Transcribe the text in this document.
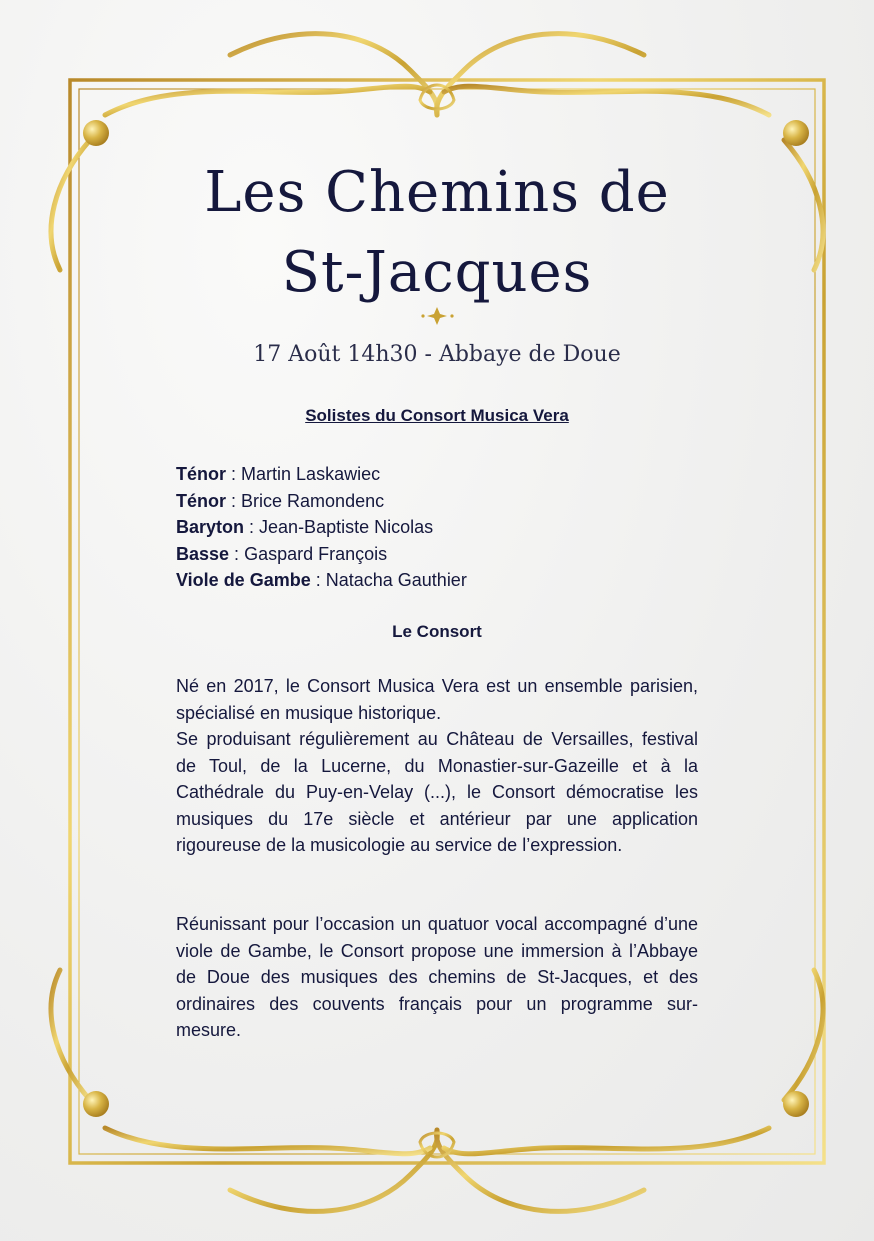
Les Chemins de
St-Jacques
17 Août 14h30 - Abbaye de Doue
Solistes du Consort Musica Vera
Ténor : Martin Laskawiec
Ténor : Brice Ramondenc
Baryton : Jean-Baptiste Nicolas
Basse : Gaspard François
Viole de Gambe : Natacha Gauthier
Le Consort

Né en 2017, le Consort Musica Vera est un ensemble parisien, spécialisé en musique historique.

Se produisant régulièrement au Château de Versailles, festival de Toul, de la Lucerne, du Monastier-sur-Gazeille et à la Cathédrale du Puy-en-Velay (...), le Consort démocratise les musiques du 17e siècle et antérieur par une application rigoureuse de la musicologie au service de l’expression.

Réunissant pour l’occasion un quatuor vocal accompagné d’une viole de Gambe, le Consort propose une immersion à l’Abbaye de Doue des musiques des chemins de St-Jacques, et des ordinaires des couvents français pour un programme sur-mesure.
